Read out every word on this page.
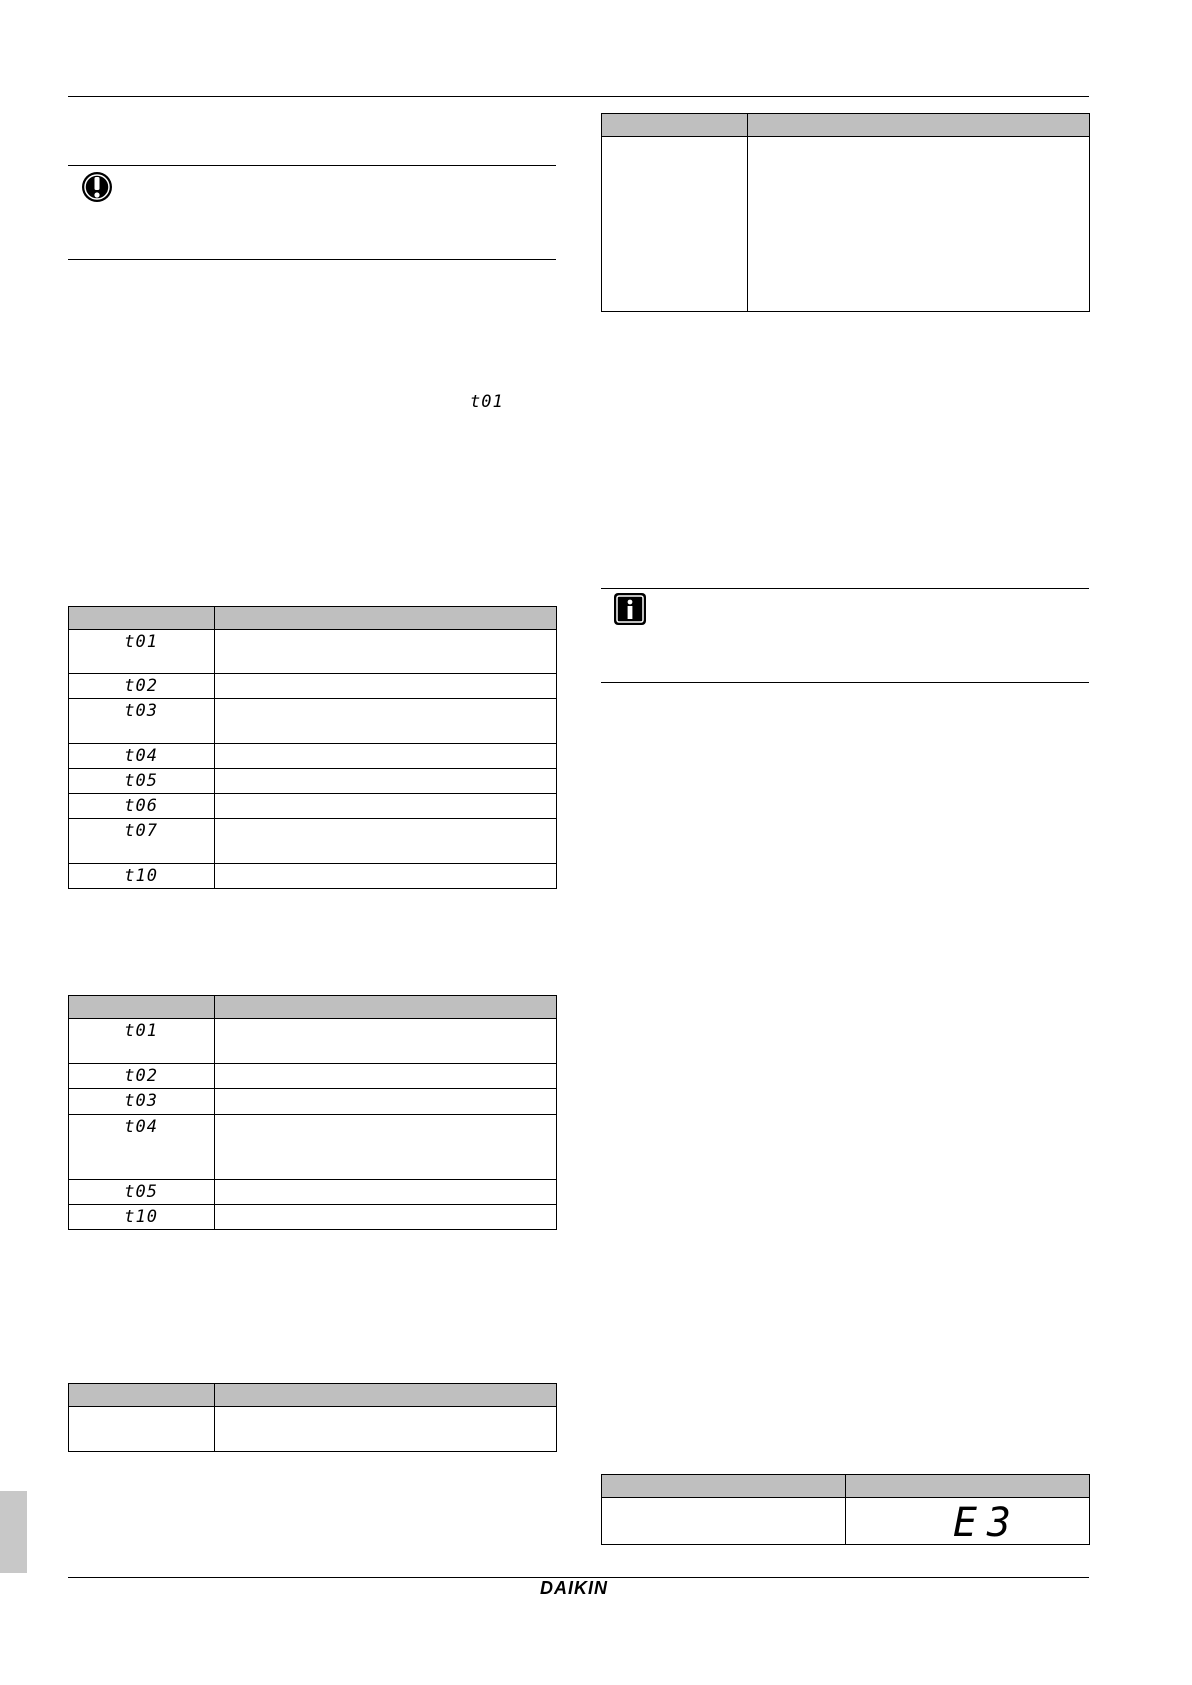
t01

t01	

t02	

t03	

t04	

t05	

t06	

t07	

t10	

t01	

t02	

t03	

t04	

t05	

t10	

	E3
DAIKIN
